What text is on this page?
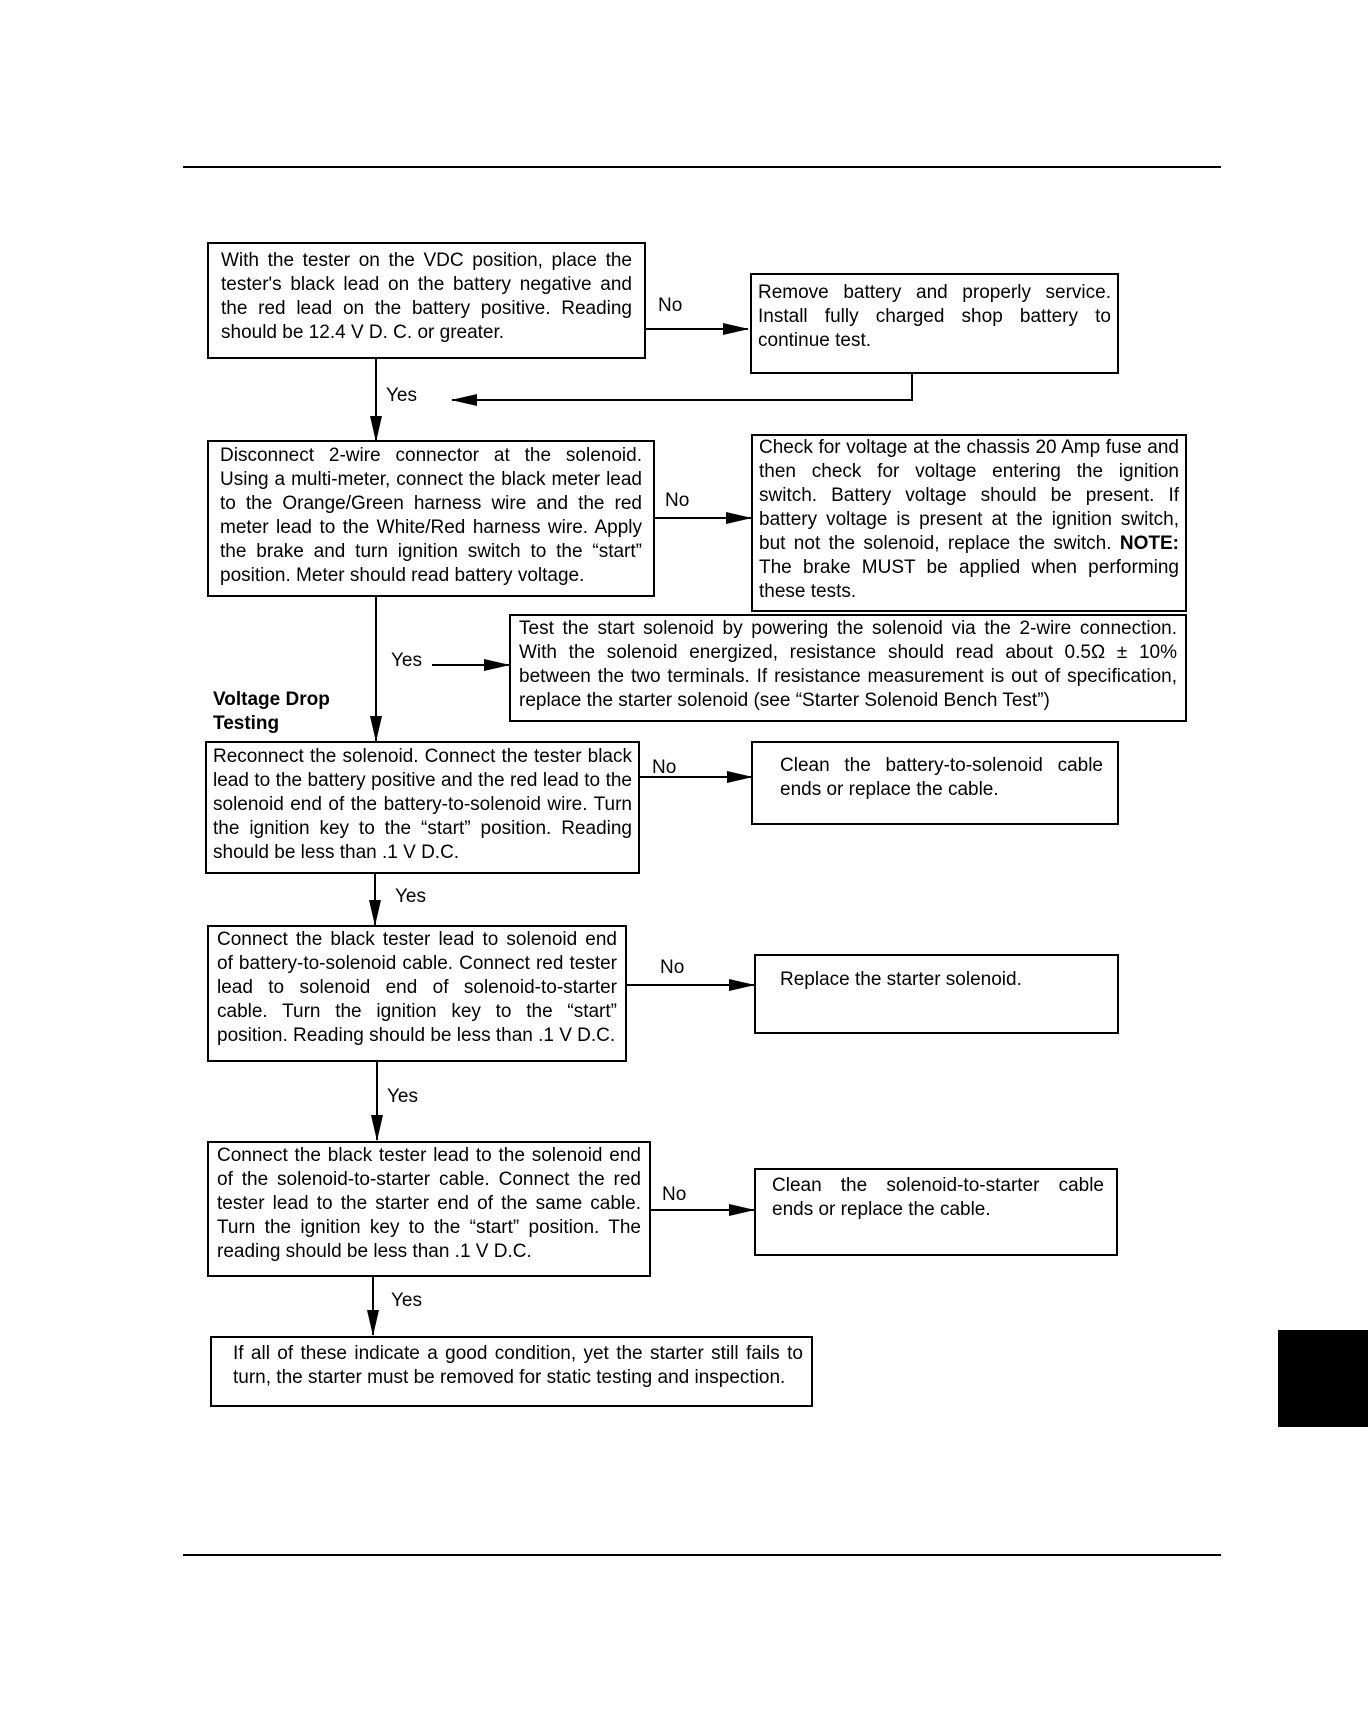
With the tester on the VDC position, place the tester's black lead on the battery negative and the red lead on the battery positive. Reading should be 12.4 V D. C. or greater.
Remove battery and properly service. Install fully charged shop battery to continue test.
Disconnect 2-wire connector at the solenoid. Using a multi-meter, connect the black meter lead to the Orange/Green harness wire and the red meter lead to the White/Red harness wire. Apply the brake and turn ignition switch to the “start” position. Meter should read battery voltage.
Check for voltage at the chassis 20 Amp fuse and then check for voltage entering the ignition switch. Battery voltage should be present. If battery voltage is present at the ignition switch, but not the solenoid, replace the switch. NOTE: The brake MUST be applied when performing these tests.
Test the start solenoid by powering the solenoid via the 2-wire connection. With the solenoid energized, resistance should read about 0.5Ω ± 10% between the two terminals. If resistance measurement is out of specification, replace the starter solenoid (see “Starter Solenoid Bench Test”)
Voltage Drop Testing
Reconnect the solenoid. Connect the tester black lead to the battery positive and the red lead to the solenoid end of the battery-to-solenoid wire. Turn the ignition key to the “start” position. Reading should be less than .1 V D.C.
Clean the battery-to-solenoid cable ends or replace the cable.
Connect the black tester lead to solenoid end of battery-to-solenoid cable. Connect red tester lead to solenoid end of solenoid-to-starter cable. Turn the ignition key to the “start” position. Reading should be less than .1 V D.C.
Replace the starter solenoid.
Connect the black tester lead to the solenoid end of the solenoid-to-starter cable. Connect the red tester lead to the starter end of the same cable. Turn the ignition key to the “start” position. The reading should be less than .1 V D.C.
Clean the solenoid-to-starter cable ends or replace the cable.
If all of these indicate a good condition, yet the starter still fails to turn, the starter must be removed for static testing and inspection.
No
Yes
No
Yes
No
Yes
No
Yes
No
Yes
